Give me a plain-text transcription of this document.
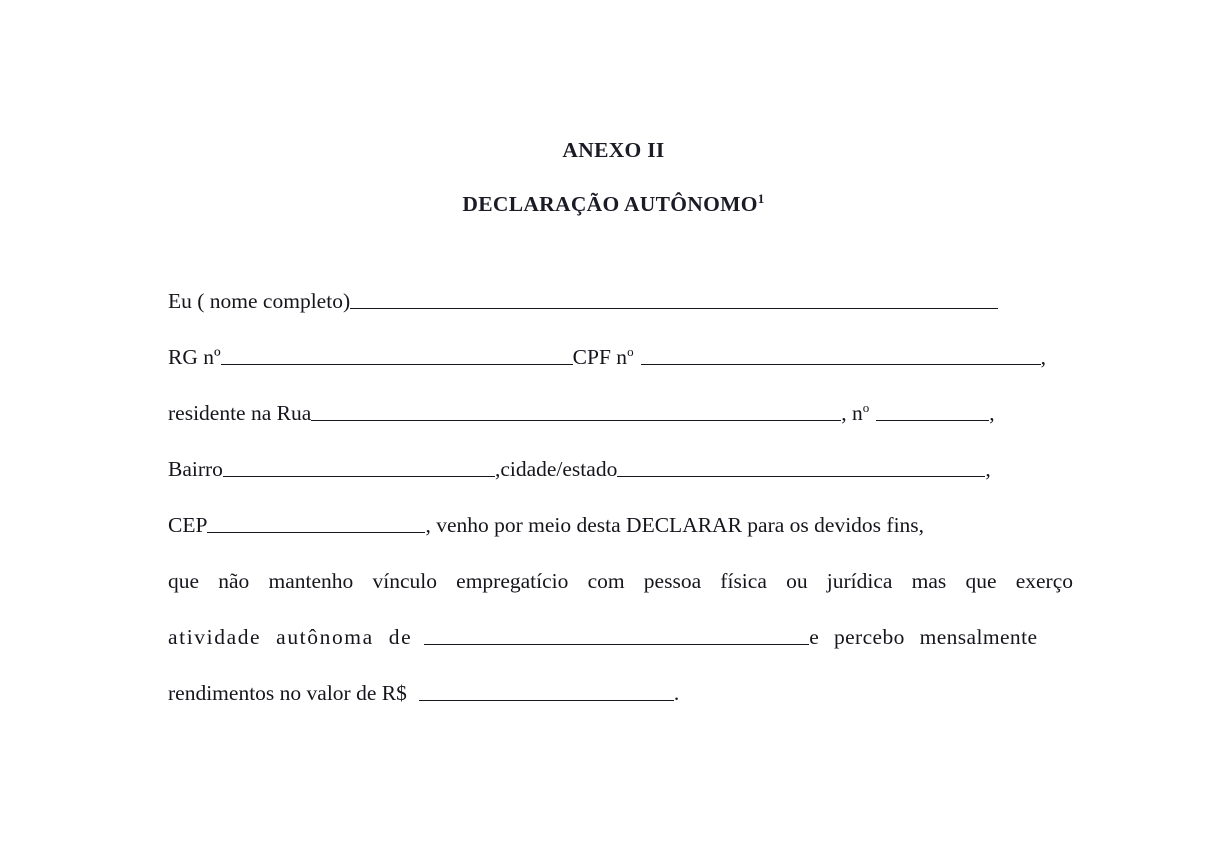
ANEXO II
DECLARAÇÃO AUTÔNOMO$^1$
Eu ( nome completo)
RG nº	CPF $n^o$	,
residente na Rua	, $n^o$	,
Bairro	,cidade/estado	,
CEP	, venho por meio desta DECLARAR para os devidos fins,
que não mantenho vínculo empregatício com pessoa física ou jurídica mas que exerço
atividade autônoma de	e percebo mensalmente
rendimentos no valor de R$	.
